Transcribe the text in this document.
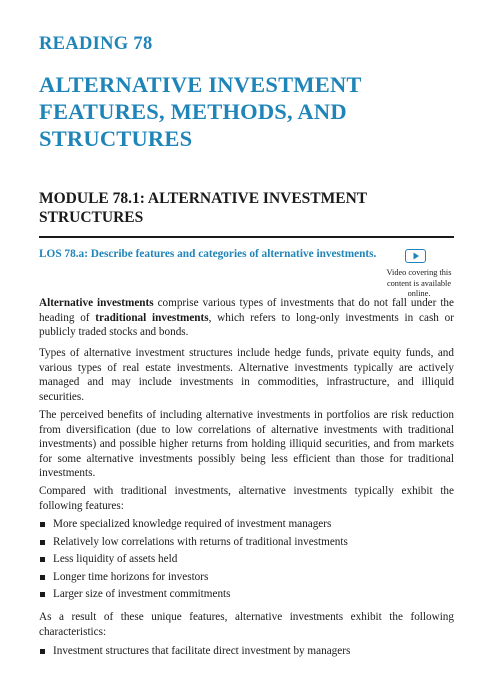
READING 78
ALTERNATIVE INVESTMENT FEATURES, METHODS, AND STRUCTURES
MODULE 78.1: ALTERNATIVE INVESTMENT STRUCTURES
LOS 78.a: Describe features and categories of alternative investments.
Video covering this content is available online.

Alternative investments comprise various types of investments that do not fall under the heading of traditional investments, which refers to long-only investments in cash or publicly traded stocks and bonds.

Types of alternative investment structures include hedge funds, private equity funds, and various types of real estate investments. Alternative investments typically are actively managed and may include investments in commodities, infrastructure, and illiquid securities.

The perceived benefits of including alternative investments in portfolios are risk reduction from diversification (due to low correlations of alternative investments with traditional investments) and possible higher returns from holding illiquid securities, and from markets for some alternative investments possibly being less efficient than those for traditional investments.

Compared with traditional investments, alternative investments typically exhibit the following features:

More specialized knowledge required of investment managers
Relatively low correlations with returns of traditional investments
Less liquidity of assets held
Longer time horizons for investors
Larger size of investment commitments

As a result of these unique features, alternative investments exhibit the following characteristics:

Investment structures that facilitate direct investment by managers
